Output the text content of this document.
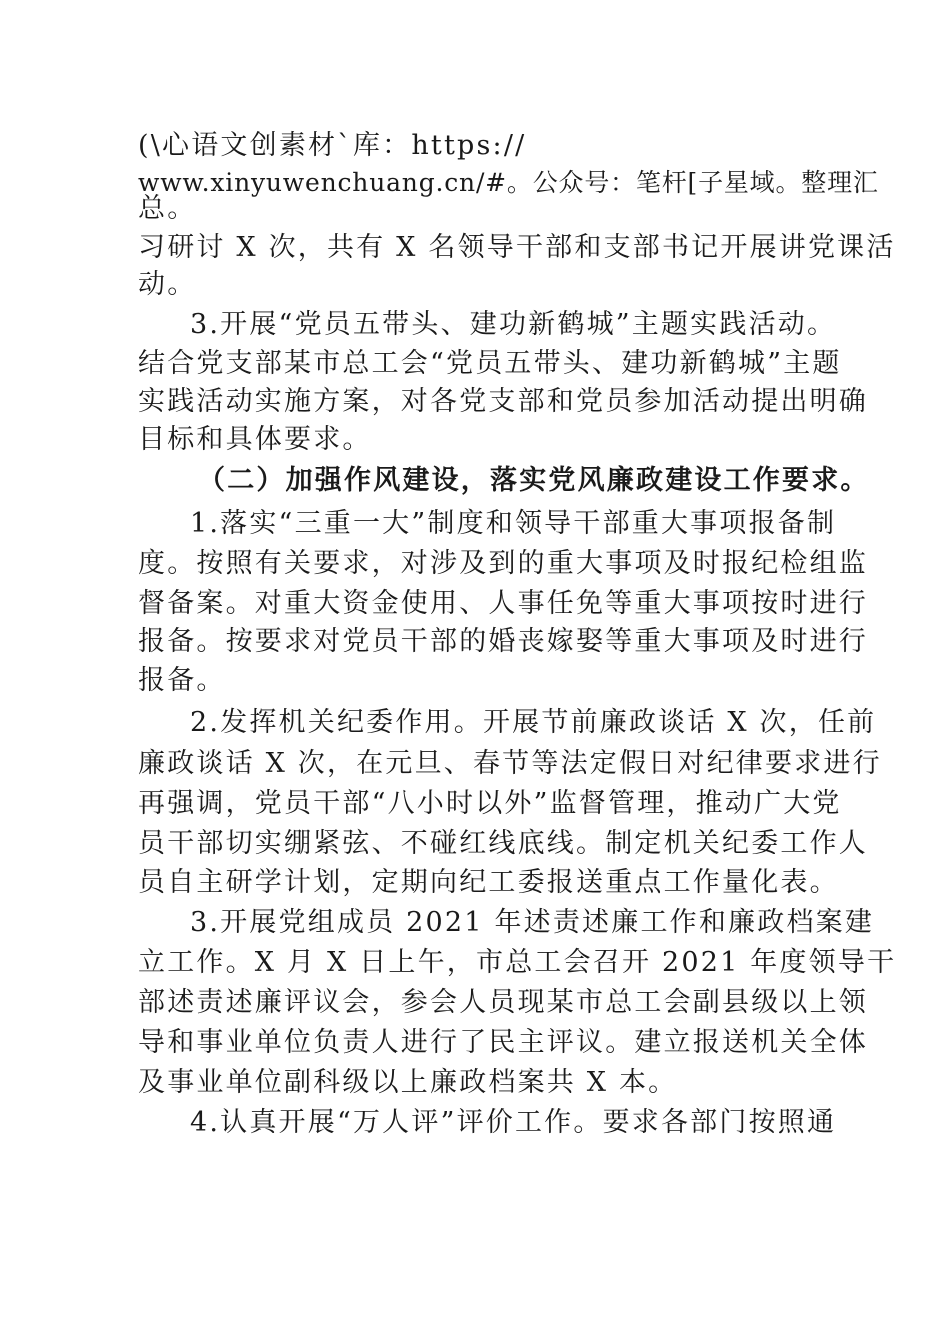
(\心语文创素材`库：https://
www.xinyuwenchuang.cn/#。公众号：笔杆[子星域。整理汇
总。
习研讨 X 次，共有 X 名领导干部和支部书记开展讲党课活
动。
3.开展“党员五带头、建功新鹤城”主题实践活动。
结合党支部某市总工会“党员五带头、建功新鹤城”主题
实践活动实施方案，对各党支部和党员参加活动提出明确
目标和具体要求。
（二）加强作风建设，落实党风廉政建设工作要求。
1.落实“三重一大”制度和领导干部重大事项报备制
度。按照有关要求，对涉及到的重大事项及时报纪检组监
督备案。对重大资金使用、人事任免等重大事项按时进行
报备。按要求对党员干部的婚丧嫁娶等重大事项及时进行
报备。
2.发挥机关纪委作用。开展节前廉政谈话 X 次，任前
廉政谈话 X 次，在元旦、春节等法定假日对纪律要求进行
再强调，党员干部“八小时以外”监督管理，推动广大党
员干部切实绷紧弦、不碰红线底线。制定机关纪委工作人
员自主研学计划，定期向纪工委报送重点工作量化表。
3.开展党组成员 2021 年述责述廉工作和廉政档案建
立工作。X 月 X 日上午，市总工会召开 2021 年度领导干
部述责述廉评议会，参会人员现某市总工会副县级以上领
导和事业单位负责人进行了民主评议。建立报送机关全体
及事业单位副科级以上廉政档案共 X 本。
4.认真开展“万人评”评价工作。要求各部门按照通
